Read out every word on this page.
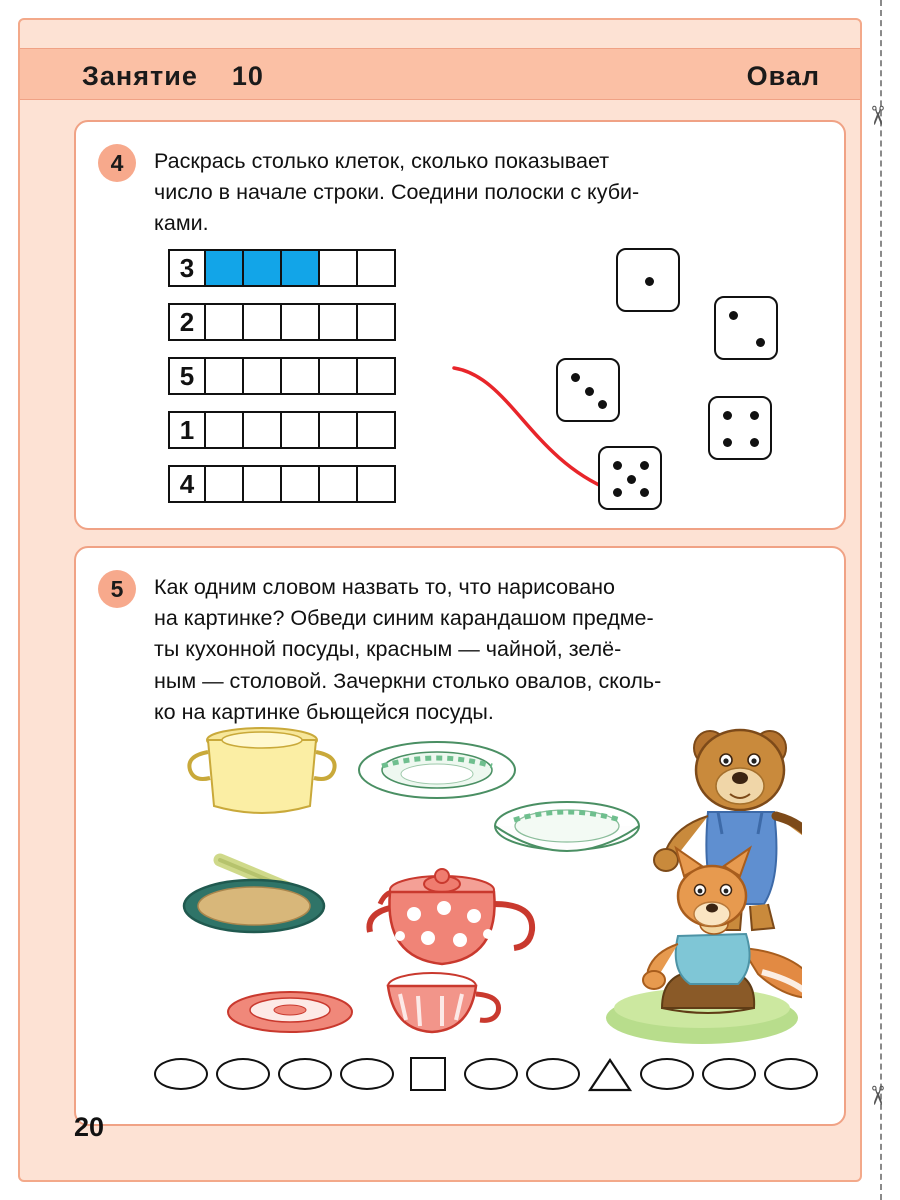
Занятие 10	Овал
4	Раскрась столько клеток, сколько показывает
число в начале строки. Соедини полоски с куби-
ками.
3
2
5
1
4
5	Как одним словом назвать то, что нарисовано
на картинке? Обведи синим карандашом предме-
ты кухонной посуды, красным — чайной, зелё-
ным — столовой. Зачеркни столько овалов, сколь-
ко на картинке бьющейся посуды.
20
✂
✂
